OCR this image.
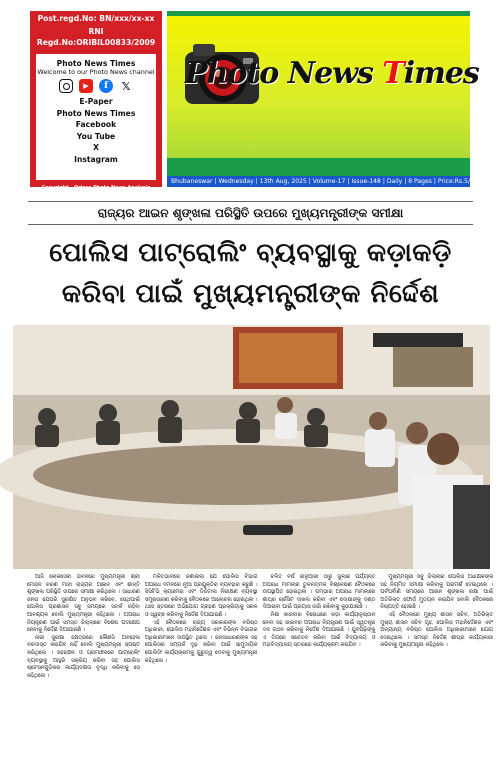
Post.regd.No: BN/xxx/xx-xx
RNI Regd.No:ORIBIL00833/2009
Photo News Times
Welcome to our Photo News channel
▶	f	𝕏
E-Paper
Photo News Times
Facebook
You Tube
X
Instagram
Copyright - Orissa Photo News Analysis
Photo News Times
Bhubaneswar | Wednesday | 13th Aug, 2025 | Volume-17 | Issue-148 | Daily | 8 Pages | Price:Rs.5/-
ରାଜ୍ୟର ଆଇନ ଶୃଙ୍ଖଳା ପରିସ୍ଥିତି ଉପରେ ମୁଖ୍ୟମନ୍ତ୍ରୀଙ୍କ ସମୀକ୍ଷା
ପୋଲିସ ପାଟ୍ରୋଲିଂ ବ୍ୟବସ୍ଥାକୁ କଡ଼ାକଡ଼ି
କରିବା ପାଇଁ ମୁଖ୍ୟମନ୍ତ୍ରୀଙ୍କ ନିର୍ଦ୍ଦେଶ

ଆଜି ଲୋକସେବା ଭବନରେ ମୁଖ୍ୟମନ୍ତ୍ରୀ ଶ୍ରୀ ମୋହନ ଚରଣ ମାଝୀ ରାଜ୍ୟର ଆଇନ ଏବଂ ଶାନ୍ତି ଶୃଙ୍ଖଳା ପରିସ୍ଥିତି ଉପରେ ସମୀକ୍ଷା କରିଥିଲେ । ସାଧାରଣ ଜନତା ଯେପରି ସୁରକ୍ଷିତ ଅନୁଭବ କରିବେ, ସେଥିପାଇଁ ପୋଲିସ ପ୍ରଶାସନ ସବୁ ସମୟରେ ସତର୍କ ରହିବା ଆବଶ୍ୟକ ବୋଲି ମୁଖ୍ୟମନ୍ତ୍ରୀ କହିଥିଲେ । ଅପରାଧ ନିୟନ୍ତ୍ରଣ ପାଇଁ ସମସ୍ତ ଜିଲ୍ଲାରେ ବିଶେଷ ପଦକ୍ଷେପ ନେବାକୁ ନିର୍ଦ୍ଦେଶ ଦିଆଯାଇଛି ।

ନାରୀ ସୁରକ୍ଷା କ୍ଷେତ୍ରରେ କୌଣସି ଅବହେଳା ବରଦାସ୍ତ କରାଯିବ ନାହିଁ ବୋଲି ମୁଖ୍ୟମନ୍ତ୍ରୀ ସ୍ପଷ୍ଟ କରିଥିଲେ । ସହରାଞ୍ଚଳ ଓ ଗ୍ରାମାଞ୍ଚଳରେ ପାଟ୍ରୋଲିଂ ବ୍ୟବସ୍ଥାକୁ ଆହୁରି ସକ୍ରିୟ କରିବା ସହ ପୋଲିସ ଷ୍ଟେସନଗୁଡ଼ିକର କାର୍ଯ୍ୟଦକ୍ଷତା ବୃଦ୍ଧି କରିବାକୁ ସେ କହିଥିଲେ ।

ମଳିତଭାବରେ ଜଣାଇଲା ଯେ ପୋଲିସ ବିଭାଗ ଅପରାଧ ଦମନରେ ନୂଆ ପ୍ରଯୁକ୍ତିର ବ୍ୟବହାର କରୁଛି । ସିସିଟିଭି କ୍ୟାମେରା ଏବଂ ଡିଜିଟାଲ ନିରୀକ୍ଷଣ ବ୍ୟବସ୍ଥା ସମ୍ପ୍ରସାରଣ କରିବାକୁ ବୈଠକରେ ଆଲୋଚନା ହୋଇଥିଲା । ଥାନା ସ୍ତରରେ ଅଭିଯୋଗ ଗ୍ରହଣ ପ୍ରକ୍ରିୟାକୁ ସରଳ ଓ ସ୍ୱଚ୍ଛ କରିବାକୁ ନିର୍ଦ୍ଦେଶ ଦିଆଯାଇଛି ।

ଏହି ବୈଠକରେ ରାଜ୍ୟ ସରକାରଙ୍କ ବରିଷ୍ଠ ଅଧିକାରୀ, ପୋଲିସ ମହାନିର୍ଦ୍ଦେଶକ ଏବଂ ବିଭିନ୍ନ ବିଭାଗର ଅଧିକାରୀମାନେ ଉପସ୍ଥିତ ଥିଲେ । ଜନସାଧାରଣଙ୍କ ସହ ପୋଲିସର ସମ୍ପର୍କ ଦୃଢ଼ କରିବା ପାଇଁ ସାମୁଦାୟିକ ପୋଲିସିଂ କାର୍ଯ୍ୟକ୍ରମକୁ ଗୁରୁତ୍ୱ ଦେବାକୁ ମୁଖ୍ୟମନ୍ତ୍ରୀ କହିଥିଲେ ।

ଚଳିତ ବର୍ଷ ଜାନୁଆରୀ ଠାରୁ ଜୁଲାଇ ପର୍ଯ୍ୟନ୍ତ ଅପରାଧ ମାମଲାର ତୁଳନାତ୍ମକ ବିଶ୍ଳେଷଣ ବୈଠକରେ ଉପସ୍ଥାପିତ ହୋଇଥିଲା । ଗମ୍ଭୀର ଅପରାଧ ମାମଲାରେ ଶୀଘ୍ର ଚାର୍ଜସିଟ ଦାଖଲ କରିବା ଏବଂ ଦୋଷୀଙ୍କୁ ଦଣ୍ଡ ଦିଆଇବା ପାଇଁ ପ୍ରୟାସ ଜାରି ରଖିବାକୁ କୁହାଯାଇଛି ।

ନିଶା କାରବାର ବିରୋଧରେ କଡ଼ା କାର୍ଯ୍ୟାନୁଷ୍ଠାନ ନେବା ସହ ସାଇବର ଅପରାଧ ନିୟନ୍ତ୍ରଣ ପାଇଁ ସ୍ୱତନ୍ତ୍ର ଦଳ ଗଠନ କରିବାକୁ ନିର୍ଦ୍ଦେଶ ଦିଆଯାଇଛି । ଯୁବପିଢ଼ିଙ୍କୁ ଏ ଦିଗରେ ସଚେତନ କରିବା ପାଇଁ ବିଦ୍ୟାଳୟ ଓ ମହାବିଦ୍ୟାଳୟ ସ୍ତରରେ କାର୍ଯ୍ୟକ୍ରମ କରାଯିବ ।

ମୁଖ୍ୟମନ୍ତ୍ରୀ ସବୁ ଜିଲ୍ଲାର ପୋଲିସ ଅଧୀକ୍ଷକଙ୍କ ସହ ନିୟମିତ ସମୀକ୍ଷା କରିବାକୁ ପରାମର୍ଶ ଦେଇଥିଲେ । ପର୍ବପର୍ବାଣି ସମୟରେ ଆଇନ ଶୃଙ୍ଖଳା ରକ୍ଷା ପାଇଁ ଅତିରିକ୍ତ ଫୋର୍ସ ମୁତୟନ କରାଯିବ ବୋଲି ବୈଠକରେ ନିଷ୍ପତ୍ତି ହୋଇଛି ।

ଏହି ବୈଠକରେ ମୁଖ୍ୟ ଶାସନ ସଚିବ, ଅତିରିକ୍ତ ମୁଖ୍ୟ ଶାସନ ସଚିବ ଗୃହ, ପୋଲିସ ମହାନିର୍ଦ୍ଦେଶକ ଏବଂ ଅନ୍ୟାନ୍ୟ ବରିଷ୍ଠ ପୋଲିସ ଅଧିକାରୀମାନେ ଯୋଗ ଦେଇଥିଲେ । ସମସ୍ତ ନିର୍ଦ୍ଦେଶ ଶୀଘ୍ର କାର୍ଯ୍ୟକାରୀ କରିବାକୁ ମୁଖ୍ୟମନ୍ତ୍ରୀ କହିଥିଲେ ।
